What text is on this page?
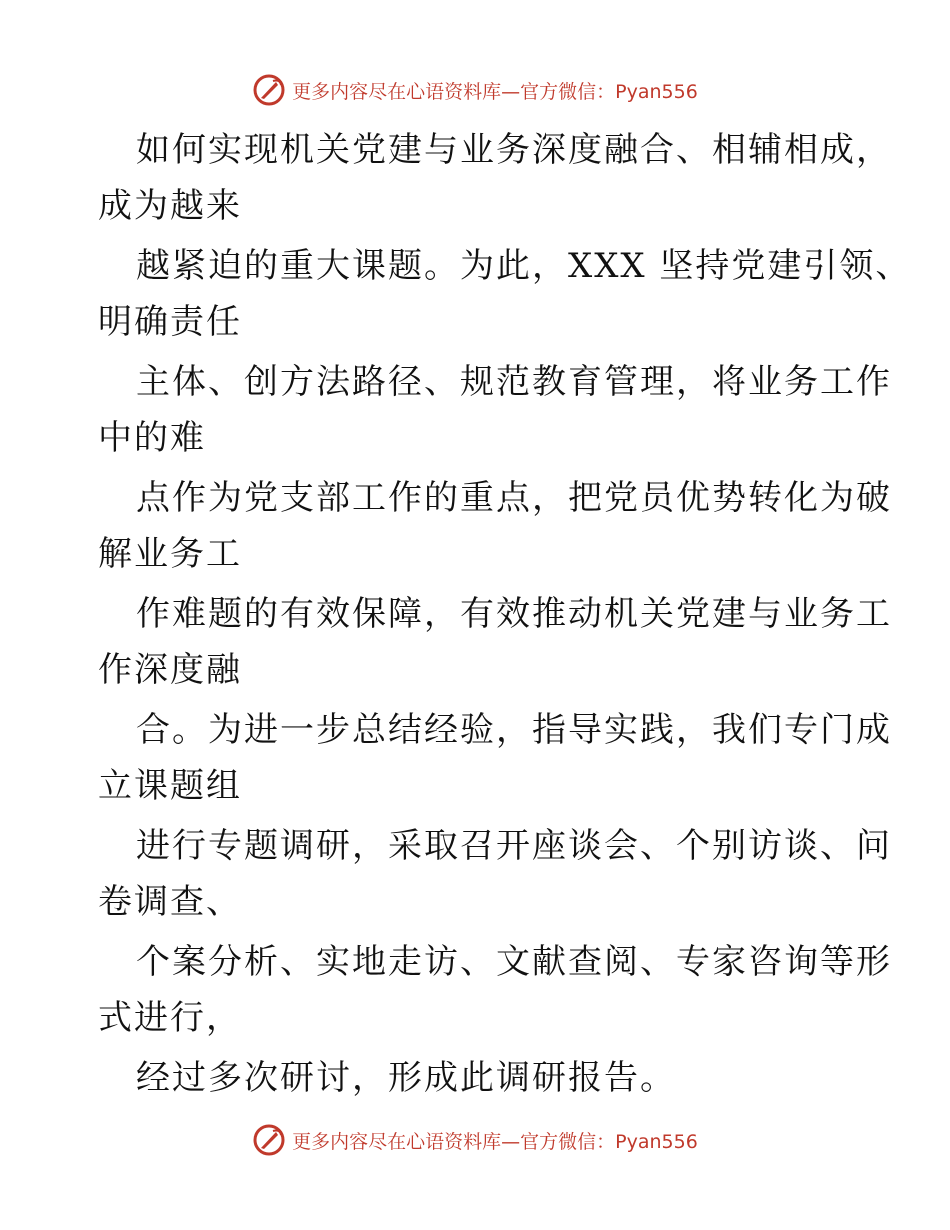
更多内容尽在心语资料库—官方微信：Pyan556
如何实现机关党建与业务深度融合、相辅相成，
成为越来
越紧迫的重大课题。为此，XXX 坚持党建引领、
明确责任
主体、创方法路径、规范教育管理，将业务工作
中的难
点作为党支部工作的重点，把党员优势转化为破
解业务工
作难题的有效保障，有效推动机关党建与业务工
作深度融
合。为进一步总结经验，指导实践，我们专门成
立课题组
进行专题调研，采取召开座谈会、个别访谈、问
卷调查、
个案分析、实地走访、文献查阅、专家咨询等形
式进行，
经过多次研讨，形成此调研报告。
更多内容尽在心语资料库—官方微信：Pyan556
